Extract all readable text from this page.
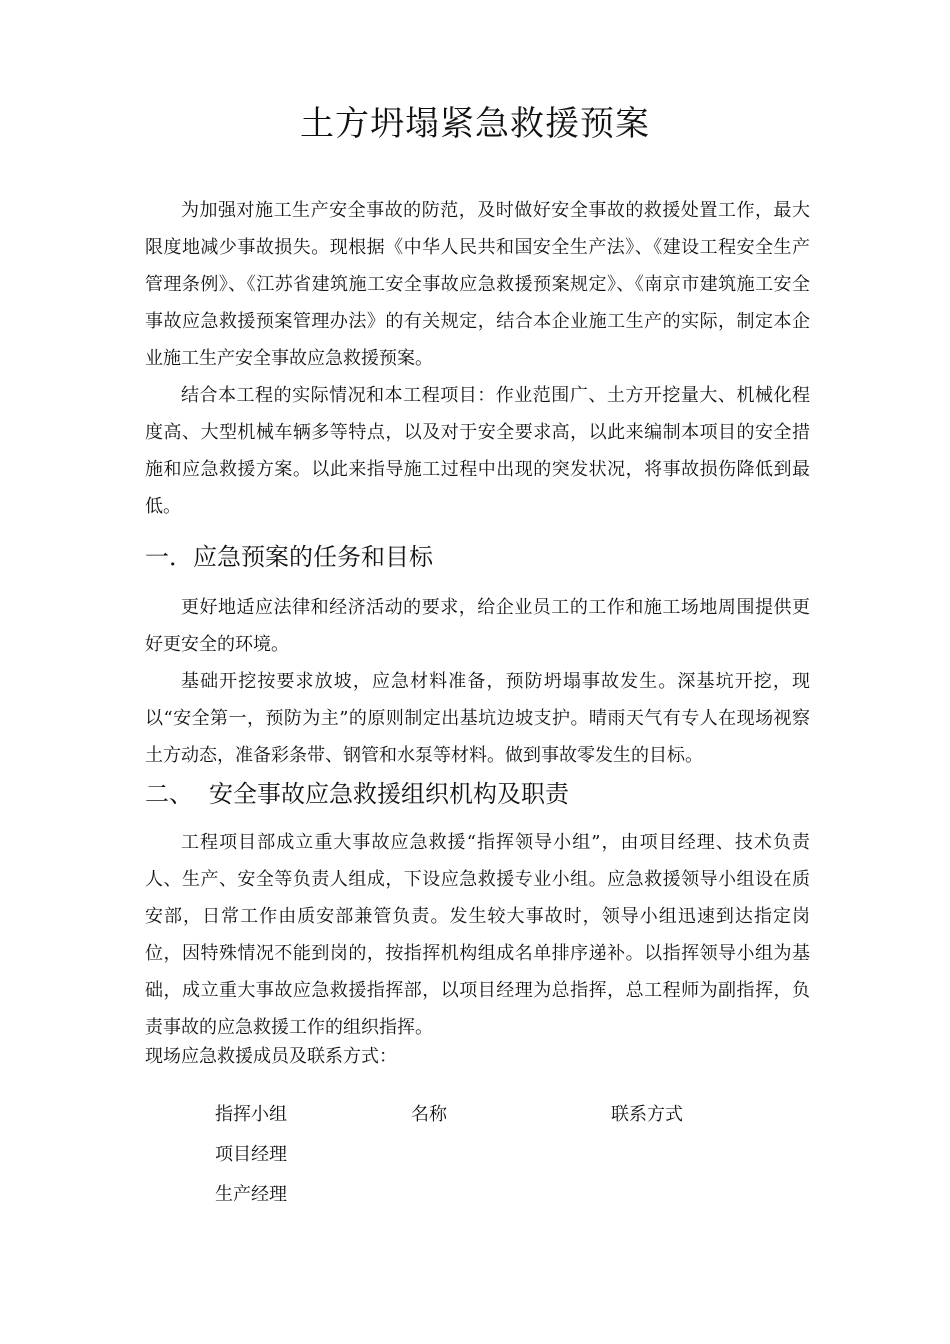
土方坍塌紧急救援预案

为加强对施工生产安全事故的防范，及时做好安全事故的救援处置工作，最大限度地减少事故损失。现根据《中华人民共和国安全生产法》、《建设工程安全生产管理条例》、《江苏省建筑施工安全事故应急救援预案规定》、《南京市建筑施工安全事故应急救援预案管理办法》的有关规定，结合本企业施工生产的实际，制定本企业施工生产安全事故应急救援预案。

结合本工程的实际情况和本工程项目：作业范围广、土方开挖量大、机械化程度高、大型机械车辆多等特点，以及对于安全要求高，以此来编制本项目的安全措施和应急救援方案。以此来指导施工过程中出现的突发状况，将事故损伤降低到最低。

一．应急预案的任务和目标

更好地适应法律和经济活动的要求，给企业员工的工作和施工场地周围提供更好更安全的环境。

基础开挖按要求放坡，应急材料准备，预防坍塌事故发生。深基坑开挖，现以“安全第一，预防为主”的原则制定出基坑边坡支护。晴雨天气有专人在现场视察土方动态，准备彩条带、钢管和水泵等材料。做到事故零发生的目标。

二、 安全事故应急救援组织机构及职责

工程项目部成立重大事故应急救援“指挥领导小组”，由项目经理、技术负责人、生产、安全等负责人组成，下设应急救援专业小组。应急救援领导小组设在质安部，日常工作由质安部兼管负责。发生较大事故时，领导小组迅速到达指定岗位，因特殊情况不能到岗的，按指挥机构组成名单排序递补。以指挥领导小组为基础，成立重大事故应急救援指挥部，以项目经理为总指挥，总工程师为副指挥，负责事故的应急救援工作的组织指挥。

现场应急救援成员及联系方式：

指挥小组	名称	联系方式
项目经理		
生产经理		
